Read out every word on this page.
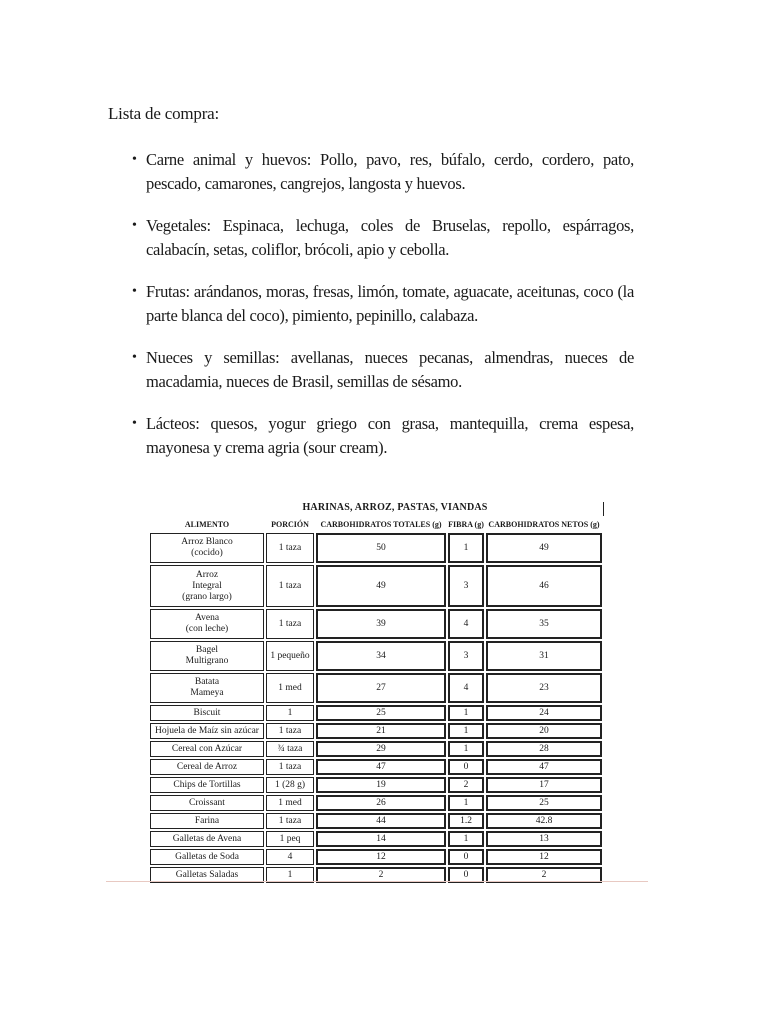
Lista de compra:
• Carne animal y huevos: Pollo, pavo, res, búfalo, cerdo, cordero, pato, pescado, camarones, cangrejos, langosta y huevos.
• Vegetales: Espinaca, lechuga, coles de Bruselas, repollo, espárragos, calabacín, setas, coliflor, brócoli, apio y cebolla.
• Frutas: arándanos, moras, fresas, limón, tomate, aguacate, aceitunas, coco (la parte blanca del coco), pimiento, pepinillo, calabaza.
• Nueces y semillas: avellanas, nueces pecanas, almendras, nueces de macadamia, nueces de Brasil, semillas de sésamo.
• Lácteos: quesos, yogur griego con grasa, mantequilla, crema espesa, mayonesa y crema agria (sour cream).
HARINAS, ARROZ, PASTAS, VIANDAS
ALIMENTO	PORCIÓN	CARBOHIDRATOS TOTALES (g)	FIBRA (g)	CARBOHIDRATOS NETOS (g)

Arroz Blanco
(cocido)	1 taza	50	1	49

Arroz
Integral
(grano largo)	1 taza	49	3	46

Avena
(con leche)	1 taza	39	4	35

Bagel
Multigrano	1 pequeño	34	3	31

Batata
Mameya	1 med	27	4	23

Biscuit	1	25	1	24

Hojuela de Maíz sin azúcar	1 taza	21	1	20

Cereal con Azúcar	¾ taza	29	1	28

Cereal de Arroz	1 taza	47	0	47

Chips de Tortillas	1 (28 g)	19	2	17

Croissant	1 med	26	1	25

Farina	1 taza	44	1.2	42.8

Galletas de Avena	1 peq	14	1	13

Galletas de Soda	4	12	0	12

Galletas Saladas	1	2	0	2
